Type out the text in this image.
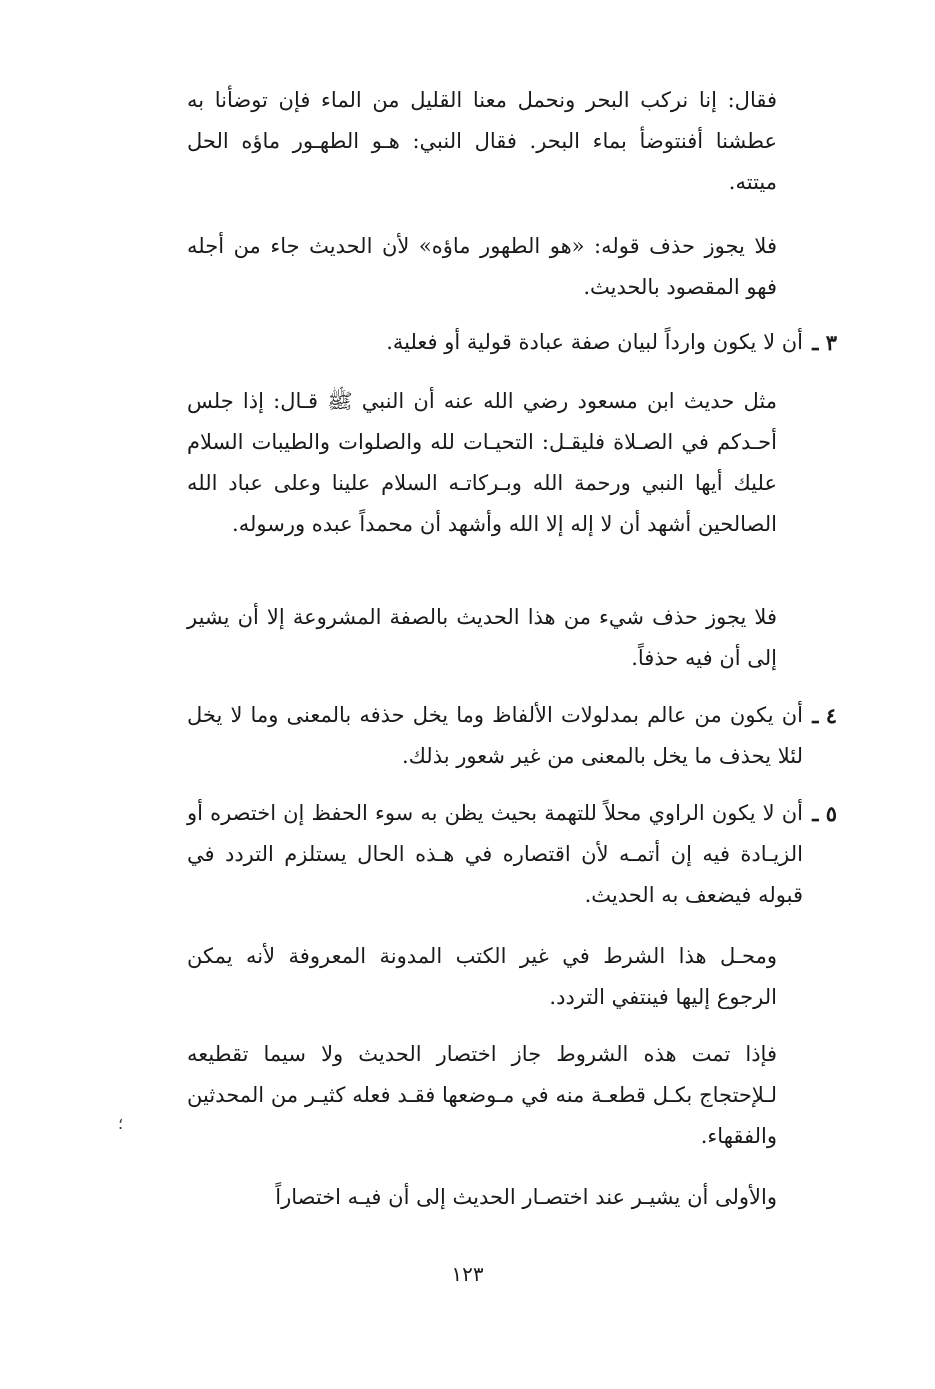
فقال: إنا نركب البحر ونحمل معنا القليل من الماء فإن توضأنا به عطشنا أفنتوضأ بماء البحر. فقال النبي: هـو الطهـور ماؤه الحل ميتته.
فلا يجوز حذف قوله: «هو الطهور ماؤه» لأن الحديث جاء من أجله فهو المقصود بالحديث.
٣ ـ
أن لا يكون وارداً لبيان صفة عبادة قولية أو فعلية.
مثل حديث ابن مسعود رضي الله عنه أن النبي ﷺ قـال: إذا جلس أحـدكم في الصـلاة فليقـل: التحيـات لله والصلوات والطيبات السلام عليك أيها النبي ورحمة الله وبـركاتـه السلام علينا وعلى عباد الله الصالحين أشهد أن لا إله إلا الله وأشهد أن محمداً عبده ورسوله.
فلا يجوز حذف شيء من هذا الحديث بالصفة المشروعة إلا أن يشير إلى أن فيه حذفاً.
٤ ـ
أن يكون من عالم بمدلولات الألفاظ وما يخل حذفه بالمعنى وما لا يخل لئلا يحذف ما يخل بالمعنى من غير شعور بذلك.
٥ ـ
أن لا يكون الراوي محلاً للتهمة بحيث يظن به سوء الحفظ إن اختصره أو الزيـادة فيه إن أتمـه لأن اقتصاره في هـذه الحال يستلزم التردد في قبوله فيضعف به الحديث.
ومحـل هذا الشرط في غير الكتب المدونة المعروفة لأنه يمكن الرجوع إليها فينتفي التردد.
فإذا تمت هذه الشروط جاز اختصار الحديث ولا سيما تقطيعه لـلإحتجاج بكـل قطعـة منه في مـوضعها فقـد فعله كثيـر من المحدثين والفقهاء.
والأولى أن يشيـر عند اختصـار الحديث إلى أن فيـه اختصاراً
؛
١٢٣
